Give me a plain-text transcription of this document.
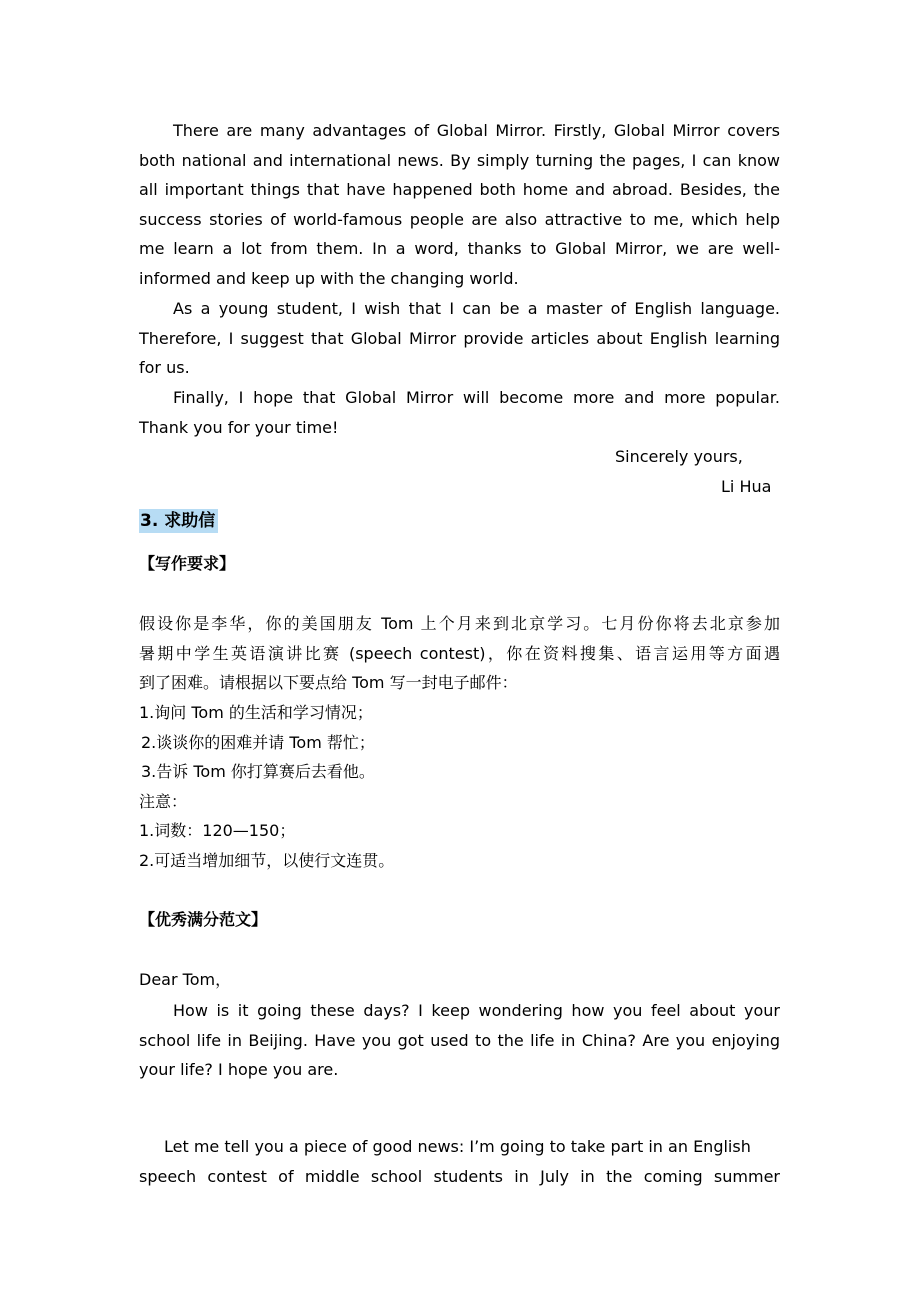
There are many advantages of Global Mirror. Firstly, Global Mirror covers both national and international news. By simply turning the pages, I can know all important things that have happened both home and abroad. Besides, the success stories of world-famous people are also attractive to me, which help me learn a lot from them. In a word, thanks to Global Mirror, we are well-informed and keep up with the changing world.

As a young student, I wish that I can be a master of English language. Therefore, I suggest that Global Mirror provide articles about English learning for us.

Finally, I hope that Global Mirror will become more and more popular. Thank you for your time!

Sincerely yours,

Li Hua

3. 求助信
【写作要求】

假设你是李华，你的美国朋友 Tom 上个月来到北京学习。七月份你将去北京参加

暑期中学生英语演讲比赛 (speech contest)，你在资料搜集、语言运用等方面遇

到了困难。请根据以下要点给 Tom 写一封电子邮件：

1.询问 Tom 的生活和学习情况；

2.谈谈你的困难并请 Tom 帮忙；

3.告诉 Tom 你打算赛后去看他。

注意：

1.词数：120—150；

2.可适当增加细节，以使行文连贯。

【优秀满分范文】

Dear Tom，

How is it going these days? I keep wondering how you feel about your school life in Beijing. Have you got used to the life in China? Are you enjoying your life? I hope you are.

Let me tell you a piece of good news: I’m going to take part in an English

speech contest of middle school students in July in the coming summer
